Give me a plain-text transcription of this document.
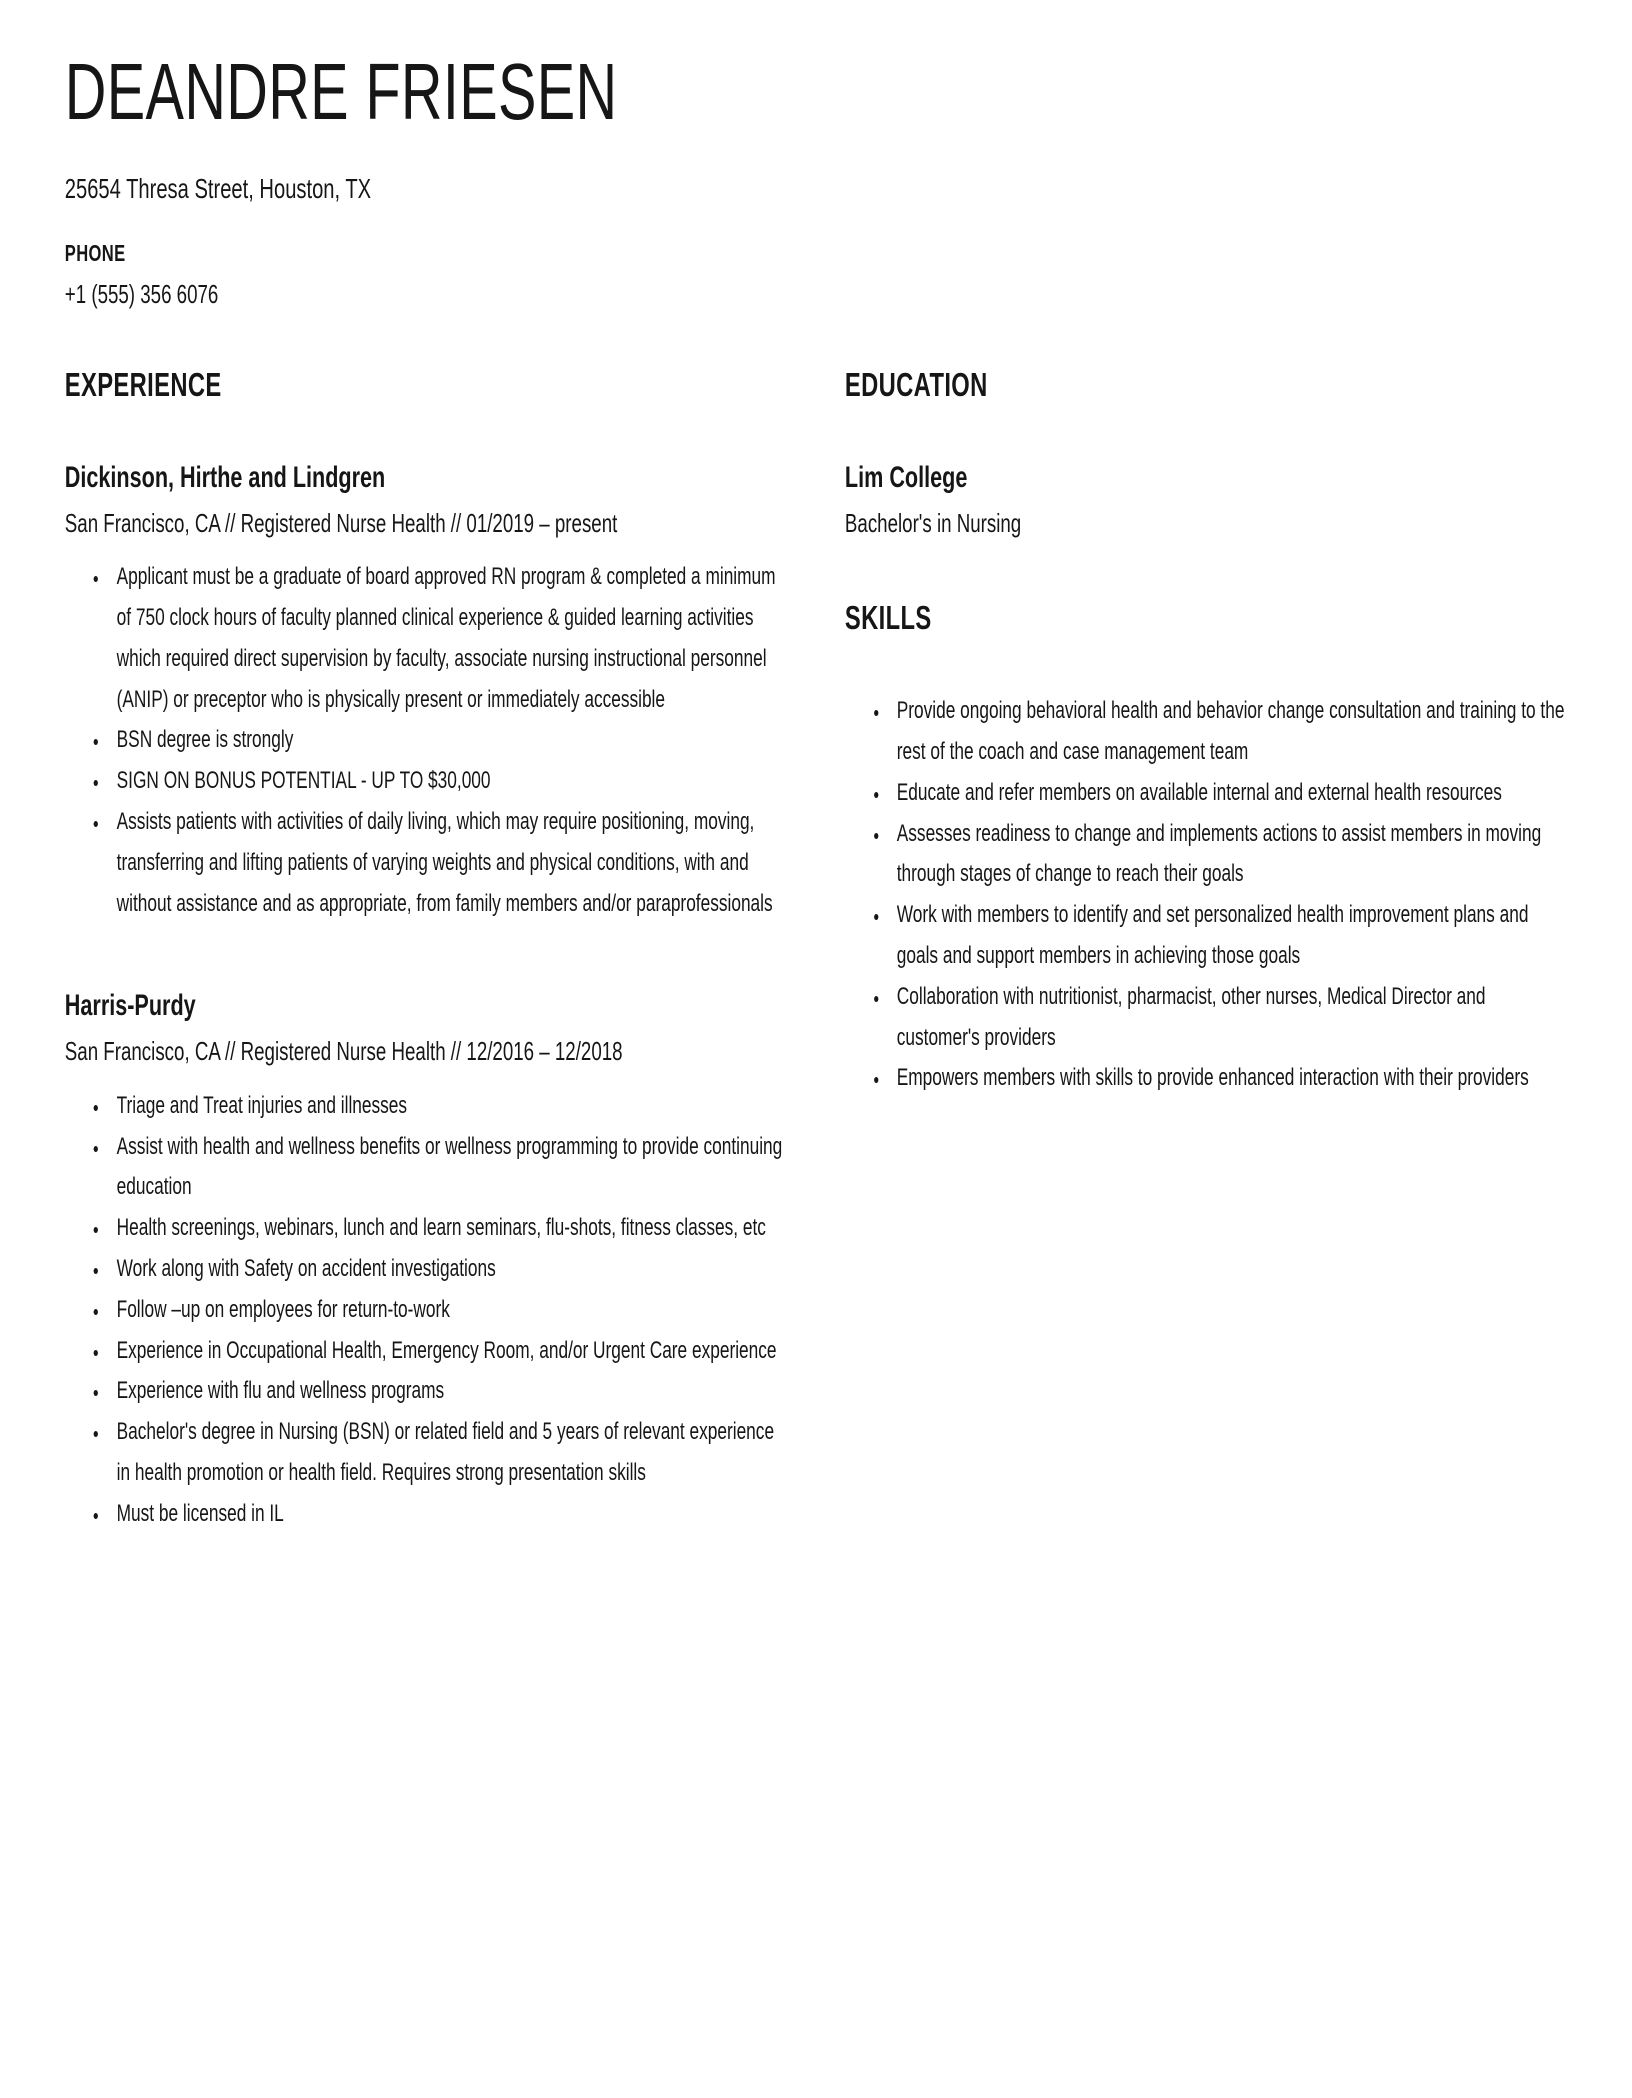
DEANDRE FRIESEN
25654 Thresa Street, Houston, TX
PHONE
+1 (555) 356 6076
EXPERIENCE
Dickinson, Hirthe and Lindgren
San Francisco, CA // Registered Nurse Health // 01/2019 – present
• Applicant must be a graduate of board approved RN program & completed a minimum of 750 clock hours of faculty planned clinical experience & guided learning activities which required direct supervision by faculty, associate nursing instructional personnel (ANIP) or preceptor who is physically present or immediately accessible
• BSN degree is strongly
• SIGN ON BONUS POTENTIAL - UP TO $30,000
• Assists patients with activities of daily living, which may require positioning, moving, transferring and lifting patients of varying weights and physical conditions, with and without assistance and as appropriate, from family members and/or paraprofessionals
Harris-Purdy
San Francisco, CA // Registered Nurse Health // 12/2016 – 12/2018
• Triage and Treat injuries and illnesses
• Assist with health and wellness benefits or wellness programming to provide continuing education
• Health screenings, webinars, lunch and learn seminars, flu-shots, fitness classes, etc
• Work along with Safety on accident investigations
• Follow –up on employees for return-to-work
• Experience in Occupational Health, Emergency Room, and/or Urgent Care experience
• Experience with flu and wellness programs
• Bachelor's degree in Nursing (BSN) or related field and 5 years of relevant experience in health promotion or health field. Requires strong presentation skills
• Must be licensed in IL
EDUCATION
Lim College
Bachelor's in Nursing
SKILLS
• Provide ongoing behavioral health and behavior change consultation and training to the rest of the coach and case management team
• Educate and refer members on available internal and external health resources
• Assesses readiness to change and implements actions to assist members in moving through stages of change to reach their goals
• Work with members to identify and set personalized health improvement plans and goals and support members in achieving those goals
• Collaboration with nutritionist, pharmacist, other nurses, Medical Director and customer's providers
• Empowers members with skills to provide enhanced interaction with their providers
